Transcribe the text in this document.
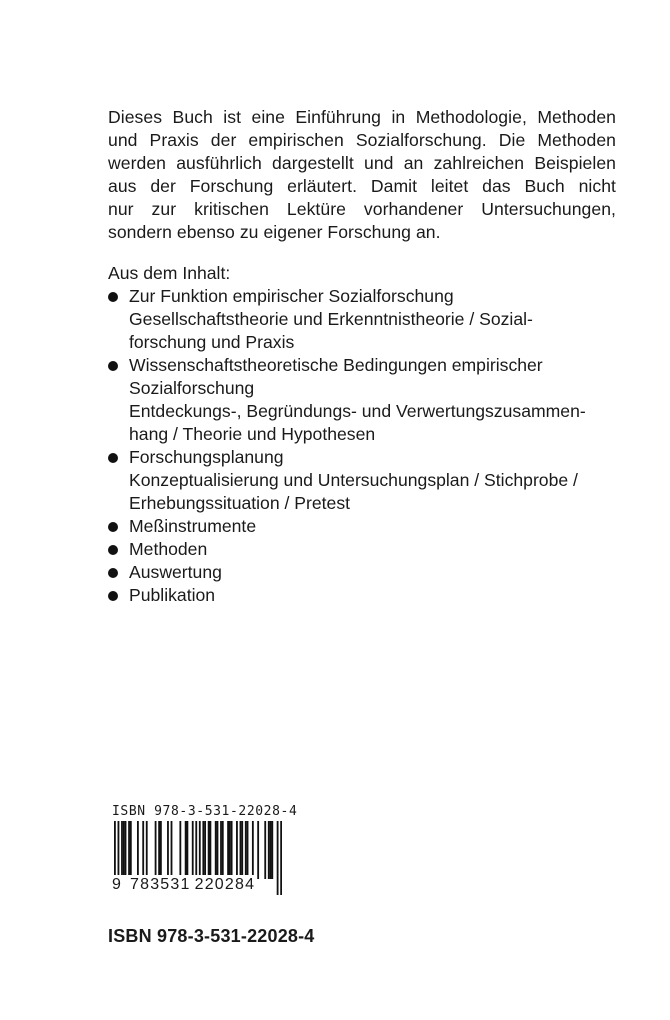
Dieses Buch ist eine Einführung in Methodologie, Methoden
und Praxis der empirischen Sozialforschung. Die Methoden
werden ausführlich dargestellt und an zahlreichen Beispielen
aus der Forschung erläutert. Damit leitet das Buch nicht
nur zur kritischen Lektüre vorhandener Untersuchungen,
sondern ebenso zu eigener Forschung an.

Aus dem Inhalt:
Zur Funktion empirischer Sozialforschung
Gesellschaftstheorie und Erkenntnistheorie / Sozial-
forschung und Praxis
Wissenschaftstheoretische Bedingungen empirischer
Sozialforschung
Entdeckungs-, Begründungs- und Verwertungszusammen-
hang / Theorie und Hypothesen
Forschungsplanung
Konzeptualisierung und Untersuchungsplan / Stichprobe /
Erhebungssituation / Pretest
Meßinstrumente
Methoden
Auswertung
Publikation

ISBN 978-3-531-22028-4

9 783531 220284

ISBN 978-3-531-22028-4
